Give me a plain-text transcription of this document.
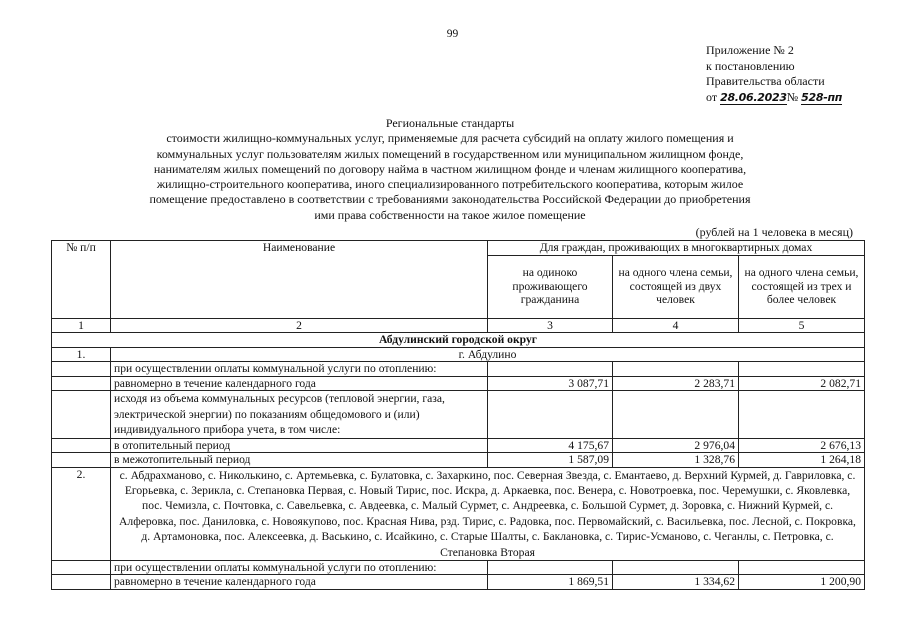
99
Приложение № 2
к постановлению
Правительства области
от 28.06.2023№ 528-пп
Региональные стандарты
стоимости жилищно-коммунальных услуг, применяемые для расчета субсидий на оплату жилого помещения и
коммунальных услуг пользователям жилых помещений в государственном или муниципальном жилищном фонде,
нанимателям жилых помещений по договору найма в частном жилищном фонде и членам жилищного кооператива,
жилищно-строительного кооператива, иного специализированного потребительского кооператива, которым жилое
помещение предоставлено в соответствии с требованиями законодательства Российской Федерации до приобретения
ими права собственности на такое жилое помещение
(рублей на 1 человека в месяц)
№ п/п	Наименование	Для граждан, проживающих в многоквартирных домах		
		на одиноко проживающего гражданина	на одного члена семьи, состоящей из двух человек	на одного члена семьи, состоящей из трех и более человек
1	2	3	4	5
Абдулинский городской округ				
1.	г. Абдулино			
	при осуществлении оплаты коммунальной услуги по отоплению:			
	равномерно в течение календарного года	3 087,71	2 283,71	2 082,71
	исходя из объема коммунальных ресурсов (тепловой энергии, газа, электрической энергии) по показаниям общедомового и (или) индивидуального прибора учета, в том числе:			
	в отопительный период	4 175,67	2 976,04	2 676,13
	в межотопительный период	1 587,09	1 328,76	1 264,18
2.	с. Абдрахманово, с. Николькино, с. Артемьевка, с. Булатовка, с. Захаркино, пос. Северная Звезда, с. Емантаево, д. Верхний Курмей, д. Гавриловка, с. Егорьевка, с. Зерикла, с. Степановка Первая, с. Новый Тирис, пос. Искра, д. Аркаевка, пос. Венера, с. Новотроевка, пос. Черемушки, с. Яковлевка, пос. Чемизла, с. Почтовка, с. Савельевка, с. Авдеевка, с. Малый Сурмет, с. Андреевка, с. Большой Сурмет, д. Зоровка, с. Нижний Курмей, с. Алферовка, пос. Даниловка, с. Новоякупово, пос. Красная Нива, рзд. Тирис, с. Радовка, пос. Первомайский, с. Васильевка, пос. Лесной, с. Покровка, д. Артамоновка, пос. Алексеевка, д. Васькино, с. Исайкино, с. Старые Шалты, с. Баклановка, с. Тирис-Усманово, с. Чеганлы, с. Петровка, с. Степановка Вторая			
	при осуществлении оплаты коммунальной услуги по отоплению:			
	равномерно в течение календарного года	1 869,51	1 334,62	1 200,90
